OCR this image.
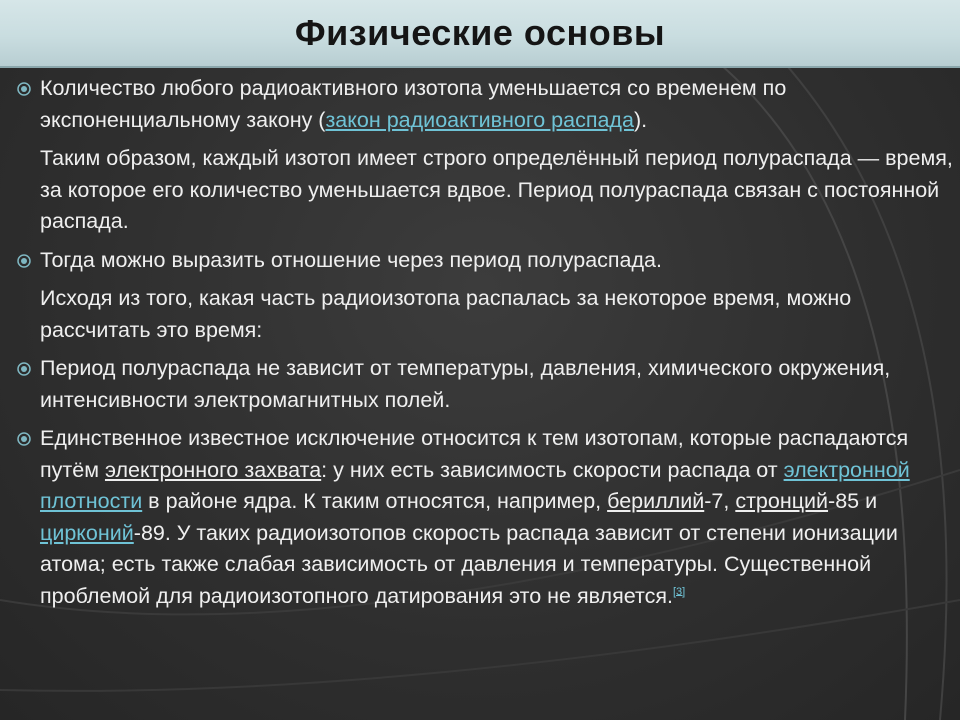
Физические основы

Количество любого радиоактивного изотопа уменьшается со временем по экспоненциальному закону (закон радиоактивного распада).

Таким образом, каждый изотоп имеет строго определённый период полураспада — время, за которое его количество уменьшается вдвое. Период полураспада связан с постоянной распада.

Тогда можно выразить отношение через период полураспада.

Исходя из того, какая часть радиоизотопа распалась за некоторое время, можно рассчитать это время:

Период полураспада не зависит от температуры, давления, химического окружения, интенсивности электромагнитных полей.

Единственное известное исключение относится к тем изотопам, которые распадаются путём электронного захвата: у них есть зависимость скорости распада от электронной плотности в районе ядра. К таким относятся, например, бериллий-7, стронций-85 и цирконий-89. У таких радиоизотопов скорость распада зависит от степени ионизации атома; есть также слабая зависимость от давления и температуры. Существенной проблемой для радиоизотопного датирования это не является.[3]
